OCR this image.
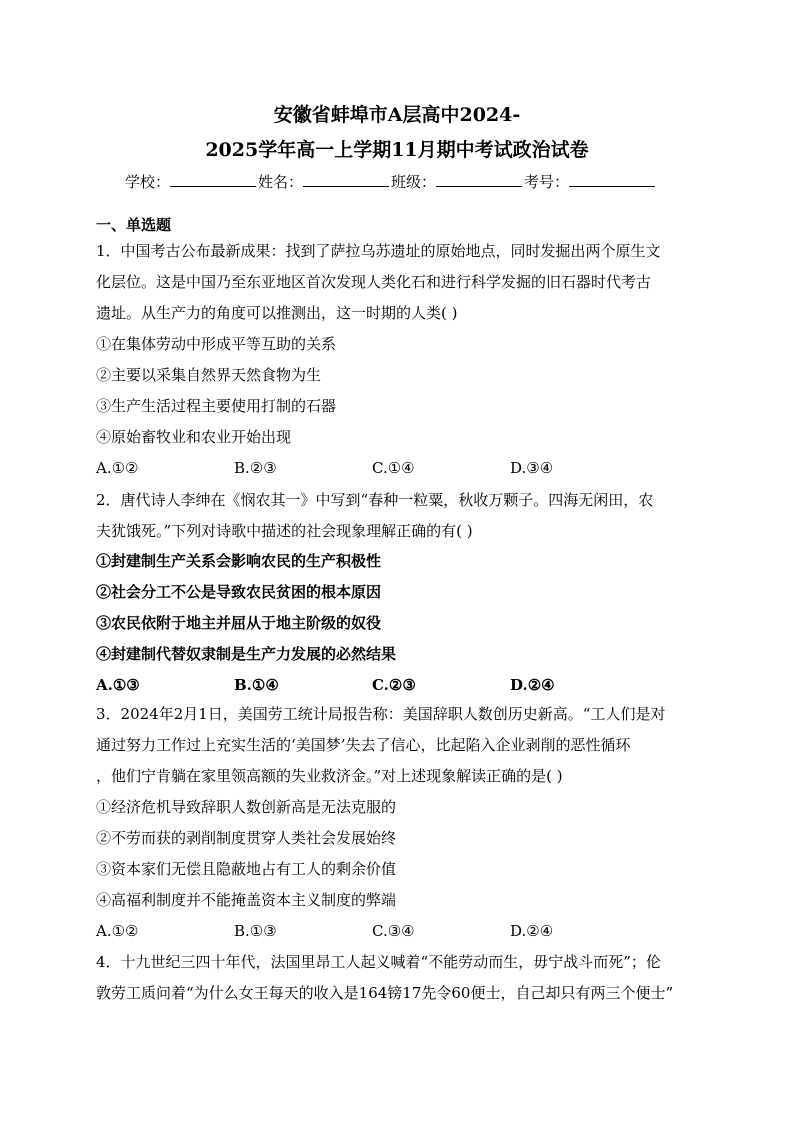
安徽省蚌埠市A层高中2024-
2025学年高一上学期11月期中考试政治试卷
学校：	姓名：	班级：	考号：
一、单选题
1．中国考古公布最新成果：找到了萨拉乌苏遗址的原始地点，同时发掘出两个原生文
化层位。这是中国乃至东亚地区首次发现人类化石和进行科学发掘的旧石器时代考古
遗址。从生产力的角度可以推测出，这一时期的人类( )
①在集体劳动中形成平等互助的关系
②主要以采集自然界天然食物为生
③生产生活过程主要使用打制的石器
④原始畜牧业和农业开始出现
A.①②	B.②③	C.①④	D.③④
2．唐代诗人李绅在《悯农其一》中写到“春种一粒粟，秋收万颗子。四海无闲田，农
夫犹饿死。”下列对诗歌中描述的社会现象理解正确的有( )
①封建制生产关系会影响农民的生产积极性
②社会分工不公是导致农民贫困的根本原因
③农民依附于地主并屈从于地主阶级的奴役
④封建制代替奴隶制是生产力发展的必然结果
A.①③	B.①④	C.②③	D.②④
3．2024年2月1日，美国劳工统计局报告称：美国辞职人数创历史新高。“工人们是对
通过努力工作过上充实生活的‘美国梦’失去了信心，比起陷入企业剥削的恶性循环
，他们宁肯躺在家里领高额的失业救济金。”对上述现象解读正确的是( )
①经济危机导致辞职人数创新高是无法克服的
②不劳而获的剥削制度贯穿人类社会发展始终
③资本家们无偿且隐蔽地占有工人的剩余价值
④高福利制度并不能掩盖资本主义制度的弊端
A.①②	B.①③	C.③④	D.②④
4．十九世纪三四十年代，法国里昂工人起义喊着“不能劳动而生，毋宁战斗而死”；伦
敦劳工质问着“为什么女王每天的收入是164镑17先令60便士，自己却只有两三个便士”
